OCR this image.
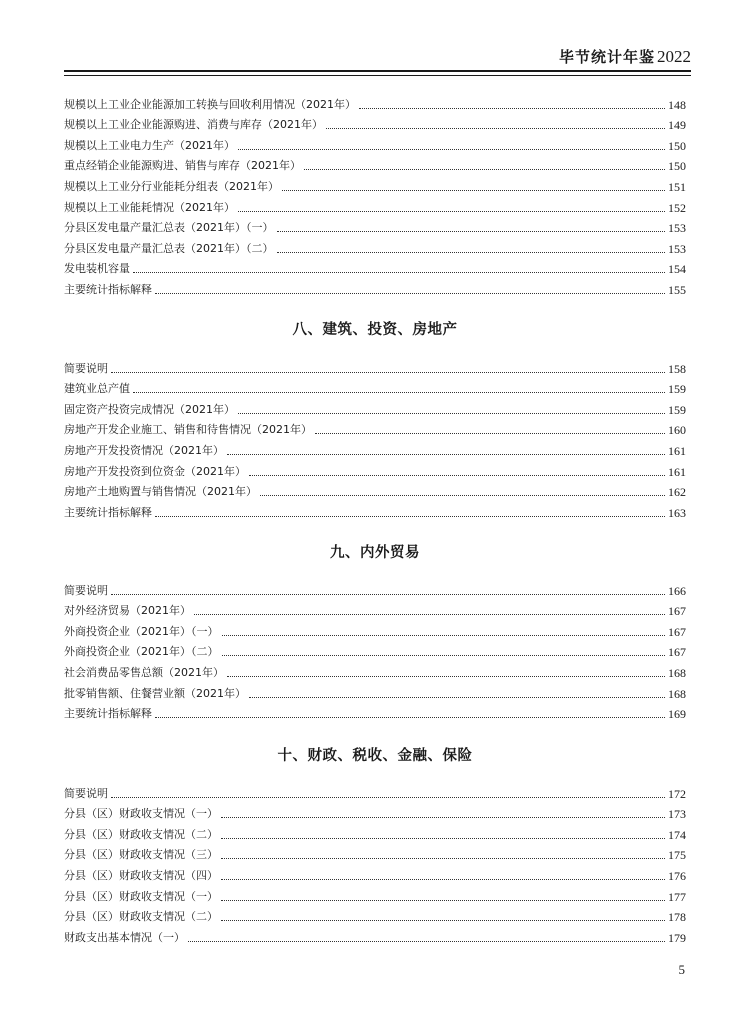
毕节统计年鉴 2022
规模以上工业企业能源加工转换与回收利用情况（2021年）	148
规模以上工业企业能源购进、消费与库存（2021年）	149
规模以上工业电力生产（2021年）	150
重点经销企业能源购进、销售与库存（2021年）	150
规模以上工业分行业能耗分组表（2021年）	151
规模以上工业能耗情况（2021年）	152
分县区发电量产量汇总表（2021年）（一）	153
分县区发电量产量汇总表（2021年）（二）	153
发电装机容量	154
主要统计指标解释	155
八、建筑、投资、房地产
简要说明	158
建筑业总产值	159
固定资产投资完成情况（2021年）	159
房地产开发企业施工、销售和待售情况（2021年）	160
房地产开发投资情况（2021年）	161
房地产开发投资到位资金（2021年）	161
房地产土地购置与销售情况（2021年）	162
主要统计指标解释	163
九、内外贸易
简要说明	166
对外经济贸易（2021年）	167
外商投资企业（2021年）（一）	167
外商投资企业（2021年）（二）	167
社会消费品零售总额（2021年）	168
批零销售额、住餐营业额（2021年）	168
主要统计指标解释	169
十、财政、税收、金融、保险
简要说明	172
分县（区）财政收支情况（一）	173
分县（区）财政收支情况（二）	174
分县（区）财政收支情况（三）	175
分县（区）财政收支情况（四）	176
分县（区）财政收支情况（一）	177
分县（区）财政收支情况（二）	178
财政支出基本情况（一）	179
5
